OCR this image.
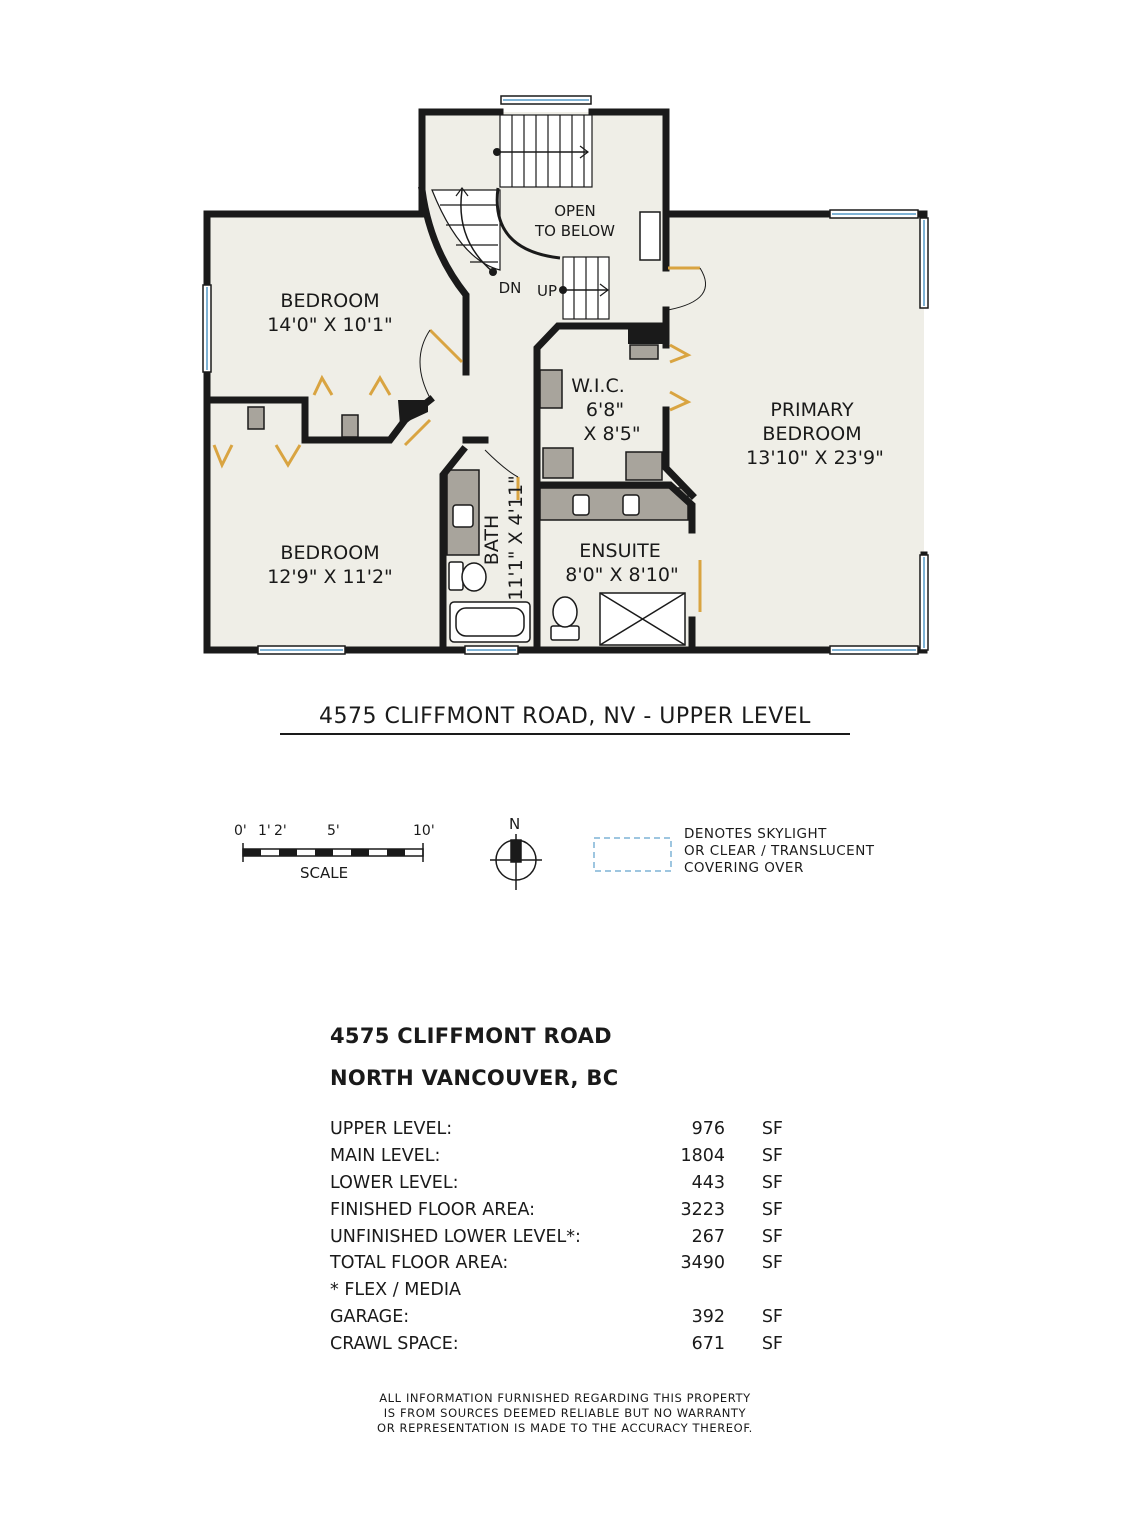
OPEN
TO BELOW
BEDROOM
14'0" X 10'1"
DN UP
W.I.C.
6'8"
X 8'5"
PRIMARY
BEDROOM
13'10" X 23'9"
BEDROOM
12'9" X 11'2"
ENSUITE
8'0" X 8'10"
BATH 11'1" X 4'11"
0' 1' 2'	5'	10'
SCALE
N
4575 CLIFFMONT ROAD, NV - UPPER LEVEL
DENOTES SKYLIGHT
OR CLEAR / TRANSLUCENT
COVERING OVER
4575 CLIFFMONT ROAD
NORTH VANCOUVER, BC
UPPER LEVEL:	976	SF
MAIN LEVEL:	1804	SF
LOWER LEVEL:	443	SF
FINISHED FLOOR AREA:	3223	SF
UNFINISHED LOWER LEVEL*:	267	SF
TOTAL FLOOR AREA:	3490	SF
* FLEX / MEDIA		
GARAGE:	392	SF
CRAWL SPACE:	671	SF
ALL INFORMATION FURNISHED REGARDING THIS PROPERTY
IS FROM SOURCES DEEMED RELIABLE BUT NO WARRANTY
OR REPRESENTATION IS MADE TO THE ACCURACY THEREOF.
